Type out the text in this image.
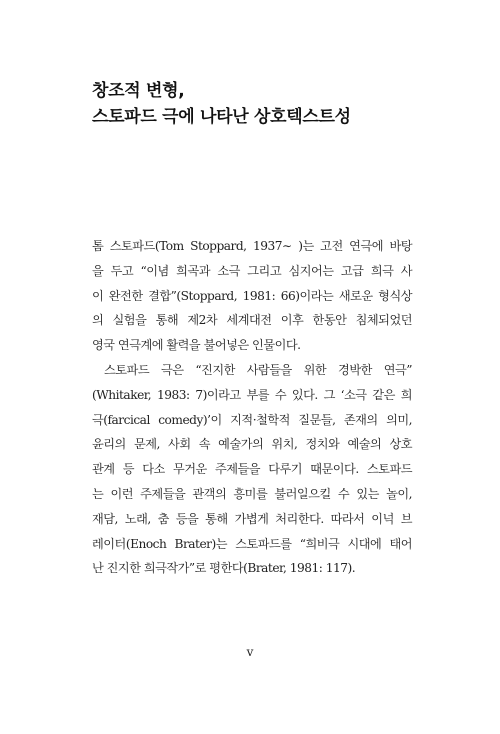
창조적 변형,
스토파드 극에 나타난 상호텍스트성
톰 스토파드(Tom Stoppard, 1937∼ )는 고전 연극에 바탕
을 두고 “이념 희곡과 소극 그리고 심지어는 고급 희극 사
이 완전한 결합”(Stoppard, 1981: 66)이라는 새로운 형식상
의 실험을 통해 제2차 세계대전 이후 한동안 침체되었던
영국 연극계에 활력을 불어넣은 인물이다.
스토파드 극은 “진지한 사람들을 위한 경박한 연극”
(Whitaker, 1983: 7)이라고 부를 수 있다. 그 ‘소극 같은 희
극(farcical comedy)’이 지적·철학적 질문들, 존재의 의미,
윤리의 문제, 사회 속 예술가의 위치, 정치와 예술의 상호
관계 등 다소 무거운 주제들을 다루기 때문이다. 스토파드
는 이런 주제들을 관객의 흥미를 불러일으킬 수 있는 놀이,
재담, 노래, 춤 등을 통해 가볍게 처리한다. 따라서 이넉 브
레이터(Enoch Brater)는 스토파드를 “희비극 시대에 태어
난 진지한 희극작가”로 평한다(Brater, 1981: 117).
v
